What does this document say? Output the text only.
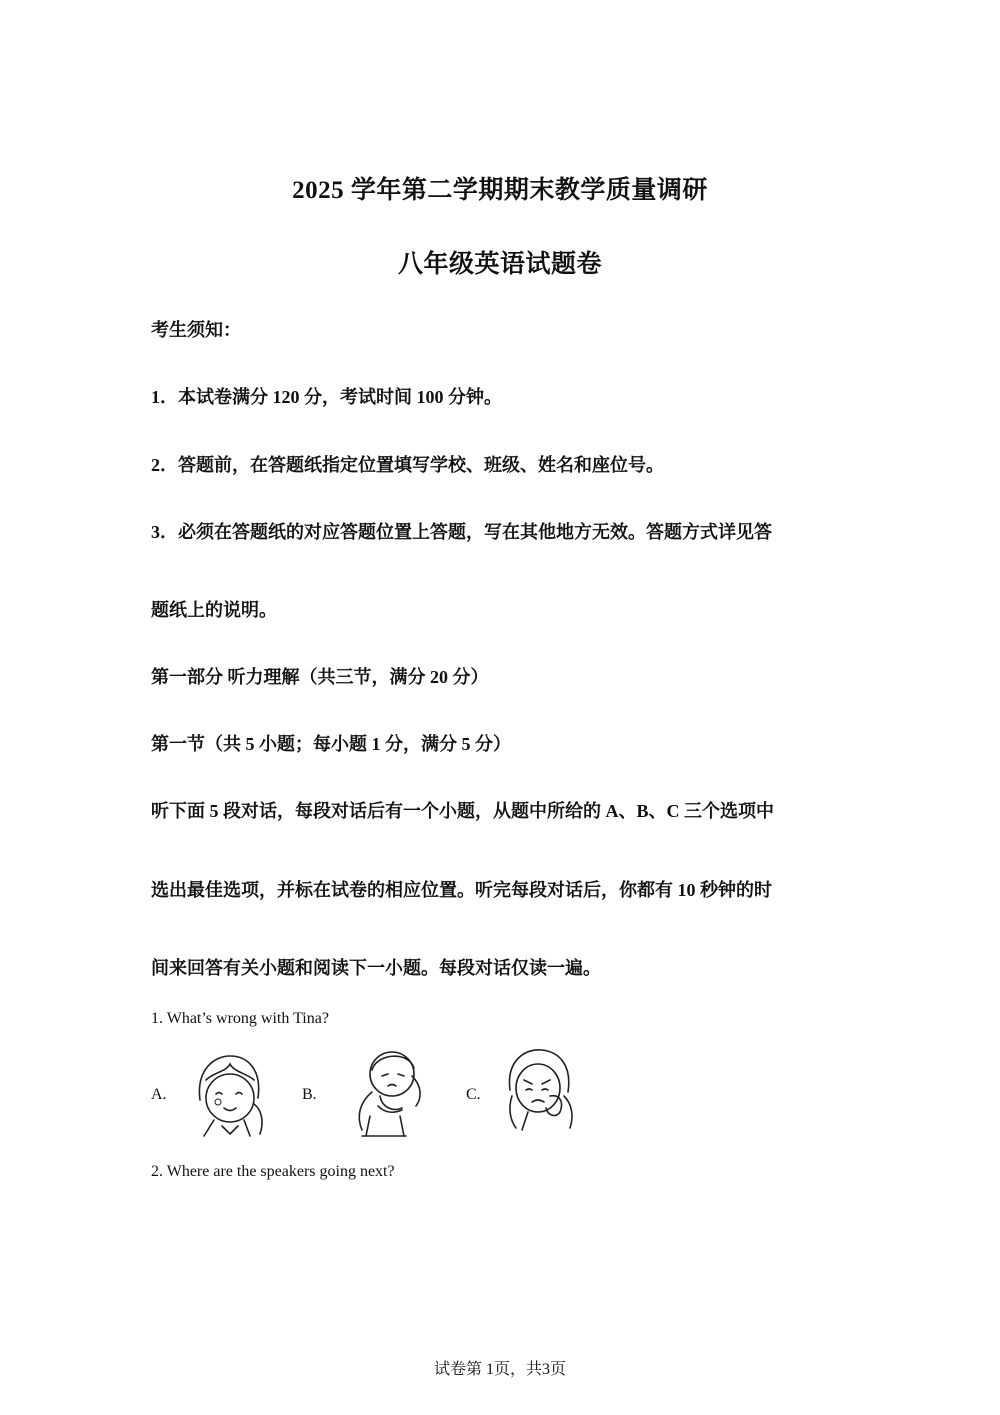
2025 学年第二学期期末教学质量调研
八年级英语试题卷
考生须知：
1．本试卷满分 120 分，考试时间 100 分钟。
2．答题前，在答题纸指定位置填写学校、班级、姓名和座位号。
3．必须在答题纸的对应答题位置上答题，写在其他地方无效。答题方式详见答
题纸上的说明。
第一部分 听力理解（共三节，满分 20 分）
第一节（共 5 小题；每小题 1 分，满分 5 分）
听下面 5 段对话，每段对话后有一个小题，从题中所给的 A、B、C 三个选项中
选出最佳选项，并标在试卷的相应位置。听完每段对话后，你都有 10 秒钟的时
间来回答有关小题和阅读下一小题。每段对话仅读一遍。
1. What’s wrong with Tina?
A.	B.	C.
2. Where are the speakers going next?
试卷第 1页，共3页
